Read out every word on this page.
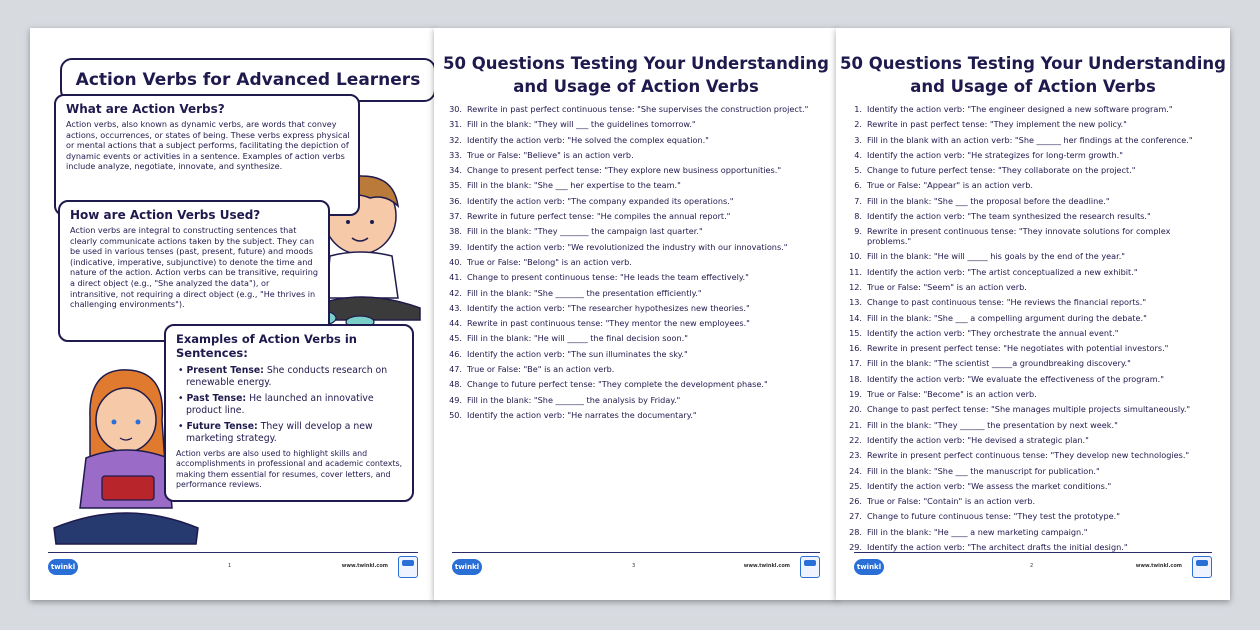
Action Verbs for Advanced Learners
What are Action Verbs?

Action verbs, also known as dynamic verbs, are words that convey actions, occurrences, or states of being. These verbs express physical or mental actions that a subject performs, facilitating the depiction of dynamic events or activities in a sentence. Examples of action verbs include analyze, negotiate, innovate, and synthesize.

How are Action Verbs Used?

Action verbs are integral to constructing sentences that clearly communicate actions taken by the subject. They can be used in various tenses (past, present, future) and moods (indicative, imperative, subjunctive) to denote the time and nature of the action. Action verbs can be transitive, requiring a direct object (e.g., "She analyzed the data"), or intransitive, not requiring a direct object (e.g., "He thrives in challenging environments").

Examples of Action Verbs in Sentences:
• Present Tense: She conducts research on renewable energy.
• Past Tense: He launched an innovative product line.
• Future Tense: They will develop a new marketing strategy.

Action verbs are also used to highlight skills and accomplishments in professional and academic contexts, making them essential for resumes, cover letters, and performance reviews.

twinkl	1	www.twinkl.com
50 Questions Testing Your Understanding
and Usage of Action Verbs
30. Rewrite in past perfect continuous tense: "She supervises the construction project."
31. Fill in the blank: "They will ___ the guidelines tomorrow."
32. Identify the action verb: "He solved the complex equation."
33. True or False: "Believe" is an action verb.
34. Change to present perfect tense: "They explore new business opportunities."
35. Fill in the blank: "She ___ her expertise to the team."
36. Identify the action verb: "The company expanded its operations."
37. Rewrite in future perfect tense: "He compiles the annual report."
38. Fill in the blank: "They _______ the campaign last quarter."
39. Identify the action verb: "We revolutionized the industry with our innovations."
40. True or False: "Belong" is an action verb.
41. Change to present continuous tense: "He leads the team effectively."
42. Fill in the blank: "She _______ the presentation efficiently."
43. Identify the action verb: "The researcher hypothesizes new theories."
44. Rewrite in past continuous tense: "They mentor the new employees."
45. Fill in the blank: "He will _____ the final decision soon."
46. Identify the action verb: "The sun illuminates the sky."
47. True or False: "Be" is an action verb.
48. Change to future perfect tense: "They complete the development phase."
49. Fill in the blank: "She _______ the analysis by Friday."
50. Identify the action verb: "He narrates the documentary."
twinkl	3	www.twinkl.com
50 Questions Testing Your Understanding
and Usage of Action Verbs
1. Identify the action verb: "The engineer designed a new software program."
2. Rewrite in past perfect tense: "They implement the new policy."
3. Fill in the blank with an action verb: "She ______ her findings at the conference."
4. Identify the action verb: "He strategizes for long-term growth."
5. Change to future perfect tense: "They collaborate on the project."
6. True or False: "Appear" is an action verb.
7. Fill in the blank: "She ___ the proposal before the deadline."
8. Identify the action verb: "The team synthesized the research results."
9. Rewrite in present continuous tense: "They innovate solutions for complex problems."
10. Fill in the blank: "He will _____ his goals by the end of the year."
11. Identify the action verb: "The artist conceptualized a new exhibit."
12. True or False: "Seem" is an action verb.
13. Change to past continuous tense: "He reviews the financial reports."
14. Fill in the blank: "She ___ a compelling argument during the debate."
15. Identify the action verb: "They orchestrate the annual event."
16. Rewrite in present perfect tense: "He negotiates with potential investors."
17. Fill in the blank: "The scientist _____a groundbreaking discovery."
18. Identify the action verb: "We evaluate the effectiveness of the program."
19. True or False: "Become" is an action verb.
20. Change to past perfect tense: "She manages multiple projects simultaneously."
21. Fill in the blank: "They ______ the presentation by next week."
22. Identify the action verb: "He devised a strategic plan."
23. Rewrite in present perfect continuous tense: "They develop new technologies."
24. Fill in the blank: "She ___ the manuscript for publication."
25. Identify the action verb: "We assess the market conditions."
26. True or False: "Contain" is an action verb.
27. Change to future continuous tense: "They test the prototype."
28. Fill in the blank: "He ____ a new marketing campaign."
29. Identify the action verb: "The architect drafts the initial design."
twinkl	2	www.twinkl.com
